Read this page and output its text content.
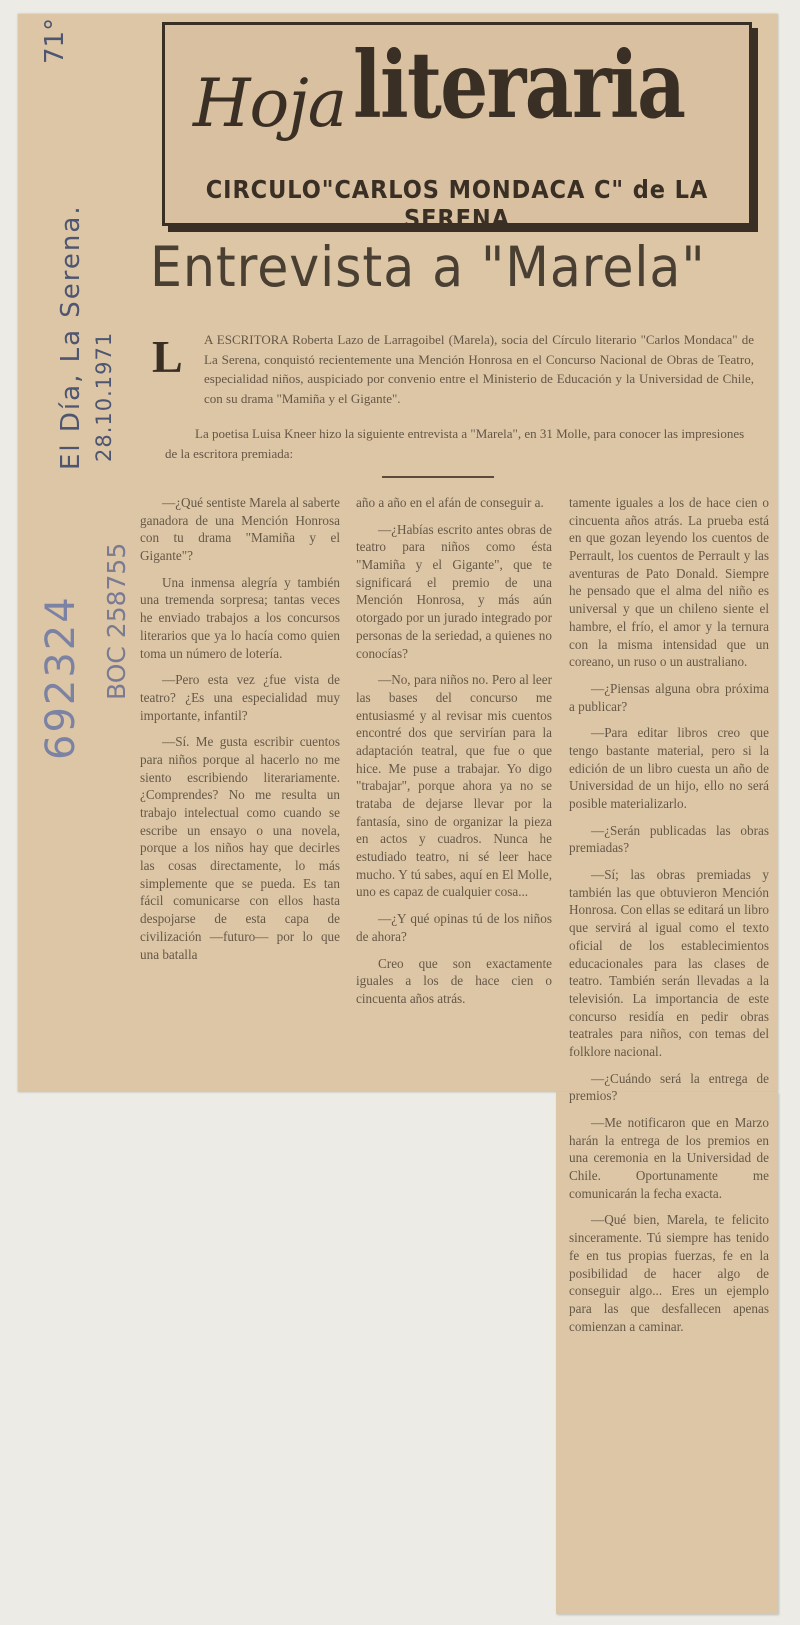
Hoja literaria
CIRCULO"CARLOS MONDACA C" de LA SERENA
Entrevista a "Marela"
71°
El Día, La Serena. 28.10.1971
BOC 258755
692324
L A ESCRITORA Roberta Lazo de Larragoibel (Marela), socia del Círculo literario "Carlos Mondaca" de La Serena, conquistó recientemente una Mención Honrosa en el Concurso Nacional de Obras de Teatro, especialidad niños, auspiciado por convenio entre el Ministerio de Educación y la Universidad de Chile, con su drama "Mamiña y el Gigante".
La poetisa Luisa Kneer hizo la siguiente entrevista a "Marela", en 31 Molle, para conocer las impresiones de la escritora premiada:

—¿Qué sentiste Marela al saberte ganadora de una Mención Honrosa con tu drama "Mamiña y el Gigante"?

Una inmensa alegría y también una tremenda sorpresa; tantas veces he enviado trabajos a los concursos literarios que ya lo hacía como quien toma un número de lotería.

—Pero esta vez ¿fue vista de teatro? ¿Es una especialidad muy importante, infantil?

—Sí. Me gusta escribir cuentos para niños porque al hacerlo no me siento escribiendo literariamente. ¿Comprendes? No me resulta un trabajo intelectual como cuando se escribe un ensayo o una novela, porque a los niños hay que decirles las cosas directamente, lo más simplemente que se pueda. Es tan fácil comunicarse con ellos hasta despojarse de esta capa de civilización —futuro— por lo que una batalla

año a año en el afán de conseguir a.

—¿Habías escrito antes obras de teatro para niños como ésta "Mamiña y el Gigante", que te significará el premio de una Mención Honrosa, y más aún otorgado por un jurado integrado por personas de la seriedad, a quienes no conocías?

—No, para niños no. Pero al leer las bases del concurso me entusiasmé y al revisar mis cuentos encontré dos que servirían para la adaptación teatral, que fue o que hice. Me puse a trabajar. Yo digo "trabajar", porque ahora ya no se trataba de dejarse llevar por la fantasía, sino de organizar la pieza en actos y cuadros. Nunca he estudiado teatro, ni sé leer hace mucho. Y tú sabes, aquí en El Molle, uno es capaz de cualquier cosa...

—¿Y qué opinas tú de los niños de ahora?

Creo que son exactamente iguales a los de hace cien o cincuenta años atrás.

tamente iguales a los de hace cien o cincuenta años atrás. La prueba está en que gozan leyendo los cuentos de Perrault, los cuentos de Perrault y las aventuras de Pato Donald. Siempre he pensado que el alma del niño es universal y que un chileno siente el hambre, el frío, el amor y la ternura con la misma intensidad que un coreano, un ruso o un australiano.

—¿Piensas alguna obra próxima a publicar?

—Para editar libros creo que tengo bastante material, pero si la edición de un libro cuesta un año de Universidad de un hijo, ello no será posible materializarlo.

—¿Serán publicadas las obras premiadas?

—Sí; las obras premiadas y también las que obtuvieron Mención Honrosa. Con ellas se editará un libro que servirá al igual como el texto oficial de los establecimientos educacionales para las clases de teatro. También serán llevadas a la televisión. La importancia de este concurso residía en pedir obras teatrales para niños, con temas del folklore nacional.

—¿Cuándo será la entrega de premios?

—Me notificaron que en Marzo harán la entrega de los premios en una ceremonia en la Universidad de Chile. Oportunamente me comunicarán la fecha exacta.

—Qué bien, Marela, te felicito sinceramente. Tú siempre has tenido fe en tus propias fuerzas, fe en la posibilidad de hacer algo de conseguir algo... Eres un ejemplo para las que desfallecen apenas comienzan a caminar.
